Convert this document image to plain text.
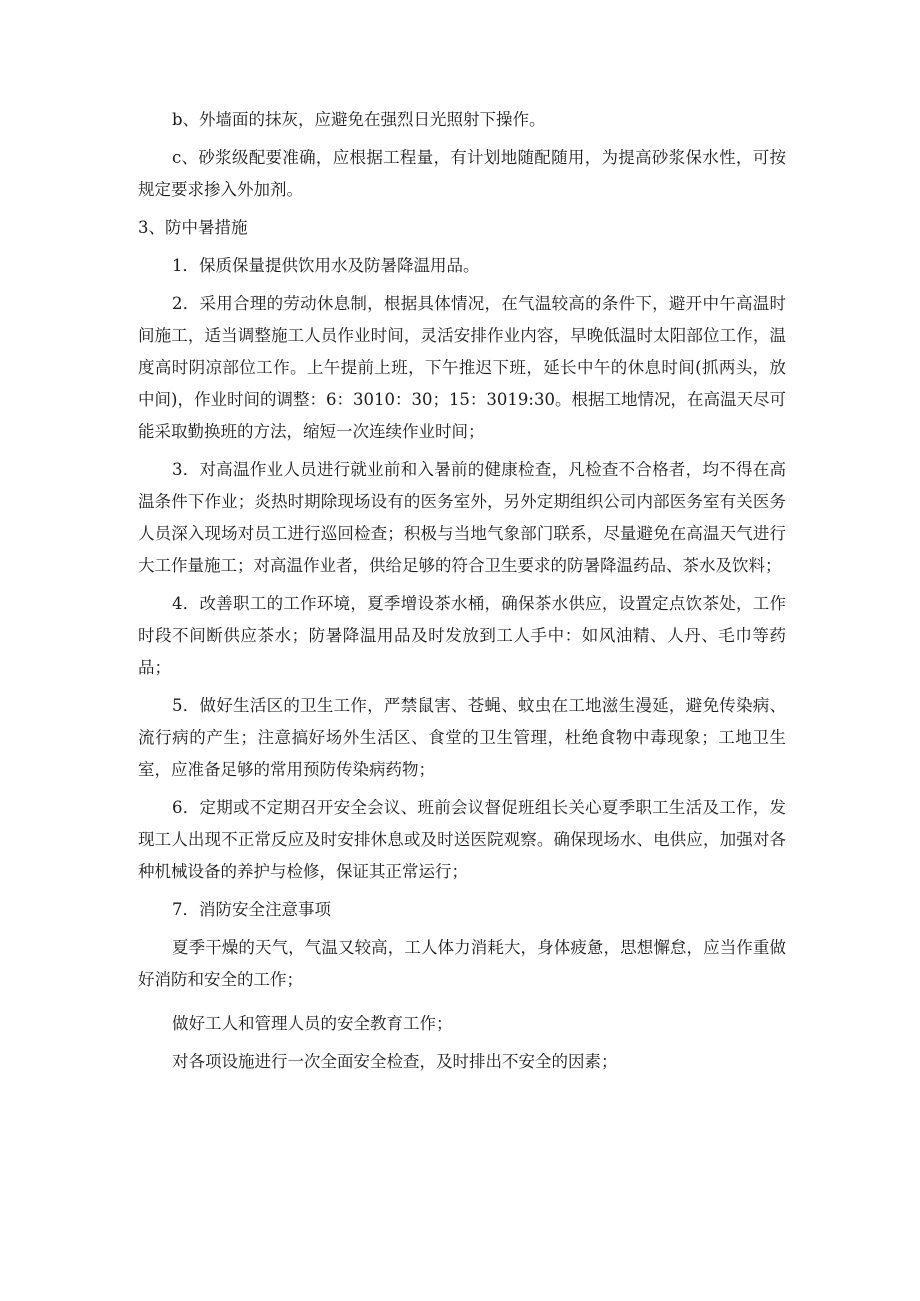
b、外墙面的抹灰，应避免在强烈日光照射下操作。

c、砂浆级配要准确，应根据工程量，有计划地随配随用，为提高砂浆保水性，可按规定要求掺入外加剂。

3、防中暑措施

1．保质保量提供饮用水及防暑降温用品。

2．采用合理的劳动休息制，根据具体情况，在气温较高的条件下，避开中午高温时间施工，适当调整施工人员作业时间，灵活安排作业内容，早晚低温时太阳部位工作，温度高时阴凉部位工作。上午提前上班，下午推迟下班，延长中午的休息时间(抓两头，放中间)，作业时间的调整：6：3010：30；15：3019:30。根据工地情况，在高温天尽可能采取勤换班的方法，缩短一次连续作业时间；

3．对高温作业人员进行就业前和入暑前的健康检查，凡检查不合格者，均不得在高温条件下作业；炎热时期除现场设有的医务室外，另外定期组织公司内部医务室有关医务人员深入现场对员工进行巡回检查；积极与当地气象部门联系，尽量避免在高温天气进行大工作量施工；对高温作业者，供给足够的符合卫生要求的防暑降温药品、茶水及饮料；

4．改善职工的工作环境，夏季增设茶水桶，确保茶水供应，设置定点饮茶处，工作时段不间断供应茶水；防暑降温用品及时发放到工人手中：如风油精、人丹、毛巾等药品；

5．做好生活区的卫生工作，严禁鼠害、苍蝇、蚊虫在工地滋生漫延，避免传染病、流行病的产生；注意搞好场外生活区、食堂的卫生管理，杜绝食物中毒现象；工地卫生室，应准备足够的常用预防传染病药物；

6．定期或不定期召开安全会议、班前会议督促班组长关心夏季职工生活及工作，发现工人出现不正常反应及时安排休息或及时送医院观察。确保现场水、电供应，加强对各种机械设备的养护与检修，保证其正常运行；

7．消防安全注意事项

夏季干燥的天气，气温又较高，工人体力消耗大，身体疲惫，思想懈怠，应当作重做好消防和安全的工作；

做好工人和管理人员的安全教育工作；

对各项设施进行一次全面安全检查，及时排出不安全的因素；
